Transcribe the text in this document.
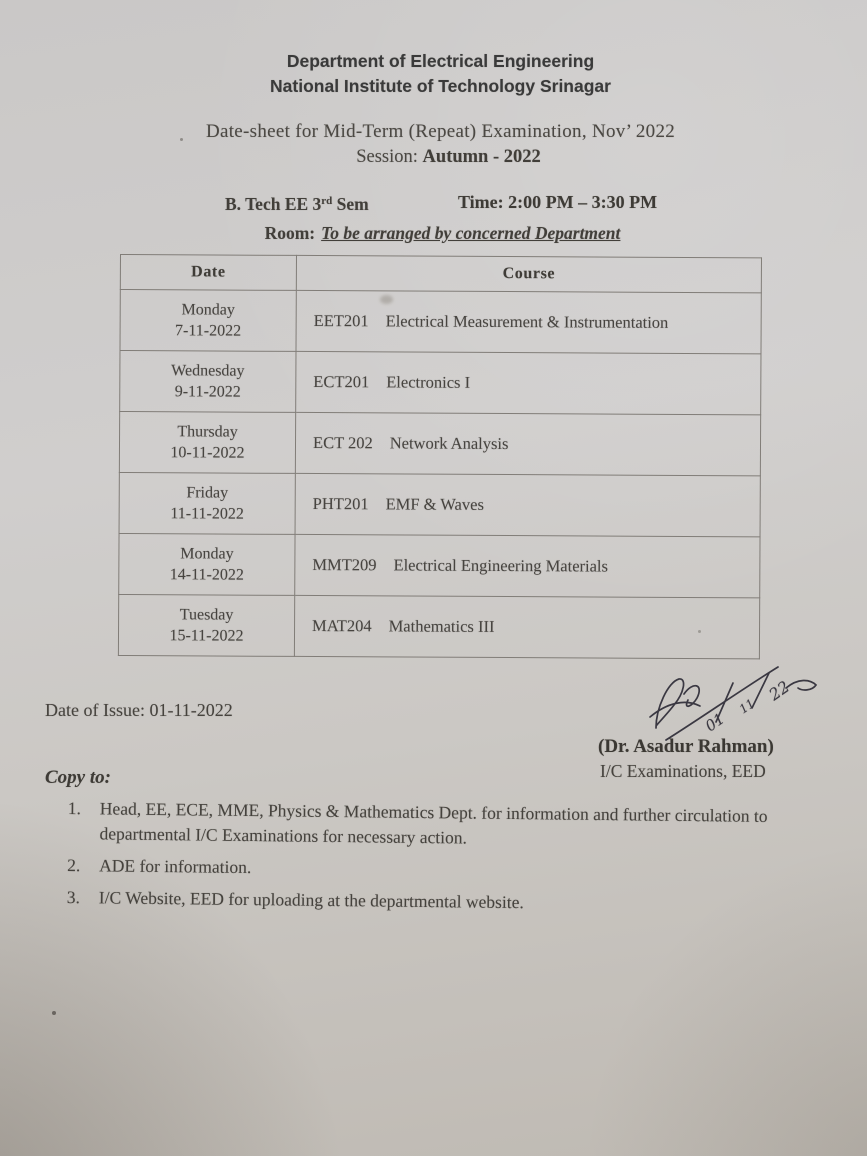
Department of Electrical Engineering
National Institute of Technology Srinagar
Date-sheet for Mid-Term (Repeat) Examination, Nov’ 2022
Session: Autumn - 2022
B. Tech EE 3rd Sem	Time: 2:00 PM – 3:30 PM
Room: To be arranged by concerned Department
Date	Course

Monday
7-11-2022	EET201 Electrical Measurement & Instrumentation

Wednesday
9-11-2022	ECT201 Electronics I

Thursday
10-11-2022	ECT 202 Network Analysis

Friday
11-11-2022	PHT201 EMF & Waves

Monday
14-11-2022	MMT209 Electrical Engineering Materials

Tuesday
15-11-2022	MAT204 Mathematics III
Date of Issue: 01-11-2022	01
11
22
(Dr. Asadur Rahman)
I/C Examinations, EED
Copy to:
1.	Head, EE, ECE, MME, Physics & Mathematics Dept. for information and further circulation to departmental I/C Examinations for necessary action.
2.	ADE for information.
3.	I/C Website, EED for uploading at the departmental website.
